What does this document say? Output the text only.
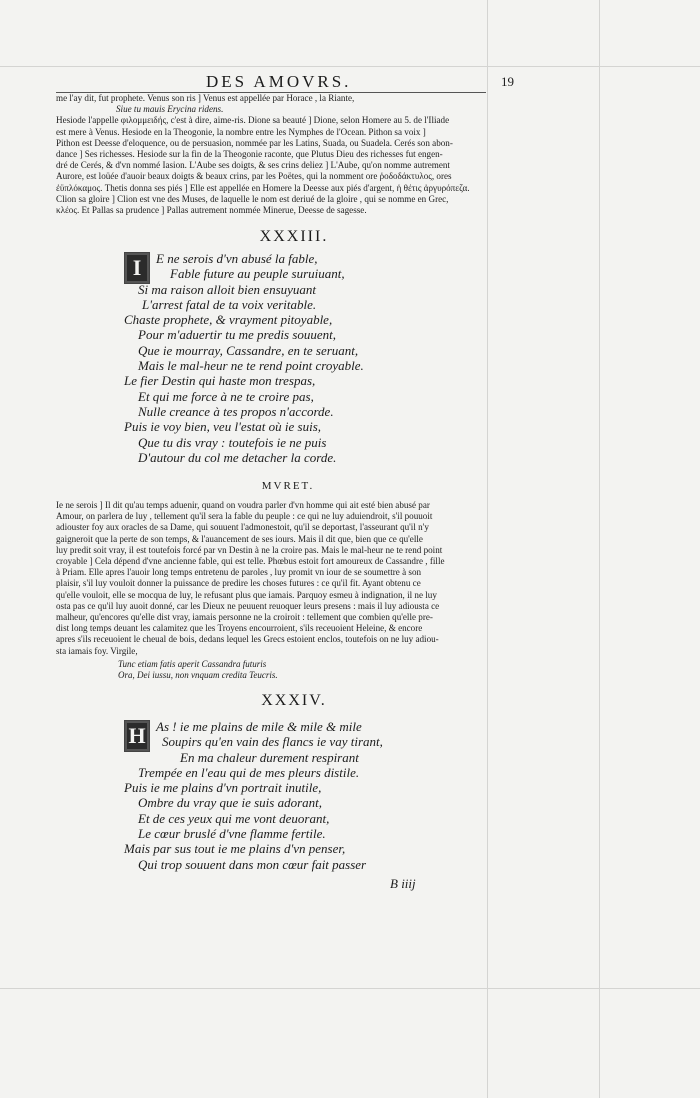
DES AMOVRS.	19

me l'ay dit, fut prophete. Venus son ris ] Venus est appellée par Horace , la Riante,

Siue tu mauis Erycina ridens.

Hesiode l'appelle φιλομμειδής, c'est à dire, aime-ris. Dione sa beauté ] Dione, selon Homere au 5. de l'Iliade

est mere à Venus. Hesiode en la Theogonie, la nombre entre les Nymphes de l'Ocean. Pithon sa voix ]

Pithon est Deesse d'eloquence, ou de persuasion, nommée par les Latins, Suada, ou Suadela. Cerés son abon-

dance ] Ses richesses. Hesiode sur la fin de la Theogonie raconte, que Plutus Dieu des richesses fut engen-

dré de Cerés, & d'vn nommé Iasion. L'Aube ses doigts, & ses crins deliez ] L'Aube, qu'on nomme autrement

Aurore, est loüée d'auoir beaux doigts & beaux crins, par les Poëtes, qui la nomment ore ῥοδοδάκτυλος, ores

ἐϋπλόκαμος. Thetis donna ses piés ] Elle est appellée en Homere la Deesse aux piés d'argent, ἡ θέτις ἀργυρόπεζα.

Clion sa gloire ] Clion est vne des Muses, de laquelle le nom est deriué de la gloire , qui se nomme en Grec,

κλέος. Et Pallas sa prudence ] Pallas autrement nommée Minerue, Deesse de sagesse.

XXXIII.
I	E ne serois d'vn abusé la fable,
Fable future au peuple suruiuant,
Si ma raison alloit bien ensuyuant
L'arrest fatal de ta voix veritable.
Chaste prophete, & vrayment pitoyable,
Pour m'aduertir tu me predis souuent,
Que ie mourray, Cassandre, en te seruant,
Mais le mal-heur ne te rend point croyable.
Le fier Destin qui haste mon trespas,
Et qui me force à ne te croire pas,
Nulle creance à tes propos n'accorde.
Puis ie voy bien, veu l'estat où ie suis,
Que tu dis vray : toutefois ie ne puis
D'autour du col me detacher la corde.
MVRET.

Ie ne serois ] Il dit qu'au temps aduenir, quand on voudra parler d'vn homme qui ait esté bien abusé par

Amour, on parlera de luy , tellement qu'il sera la fable du peuple : ce qui ne luy aduiendroit, s'il pouuoit

adiouster foy aux oracles de sa Dame, qui souuent l'admonestoit, qu'il se deportast, l'asseurant qu'il n'y

gaigneroit que la perte de son temps, & l'auancement de ses iours. Mais il dit que, bien que ce qu'elle

luy predit soit vray, il est toutefois forcé par vn Destin à ne la croire pas. Mais le mal-heur ne te rend point

croyable ] Cela dépend d'vne ancienne fable, qui est telle. Phœbus estoit fort amoureux de Cassandre , fille

à Priam. Elle apres l'auoir long temps entretenu de paroles , luy promit vn iour de se soumettre à son

plaisir, s'il luy vouloit donner la puissance de predire les choses futures : ce qu'il fit. Ayant obtenu ce

qu'elle vouloit, elle se mocqua de luy, le refusant plus que iamais. Parquoy esmeu à indignation, il ne luy

osta pas ce qu'il luy auoit donné, car les Dieux ne peuuent reuoquer leurs presens : mais il luy adiousta ce

malheur, qu'encores qu'elle dist vray, iamais personne ne la croiroit : tellement que combien qu'elle pre-

dist long temps deuant les calamitez que les Troyens encourroient, s'ils receuoient Heleine, & encore

apres s'ils receuoient le cheual de bois, dedans lequel les Grecs estoient enclos, toutefois on ne luy adiou-

sta iamais foy. Virgile,

Tunc etiam fatis aperit Cassandra futuris
Ora, Dei iussu, non vnquam credita Teucris.
XXXIV.
H As ! ie me plains de mile & mile & mile
Soupirs qu'en vain des flancs ie vay tirant,
En ma chaleur durement respirant
Trempée en l'eau qui de mes pleurs distile.
Puis ie me plains d'vn portrait inutile,
Ombre du vray que ie suis adorant,
Et de ces yeux qui me vont deuorant,
Le cœur bruslé d'vne flamme fertile.
Mais par sus tout ie me plains d'vn penser,
Qui trop souuent dans mon cœur fait passer
B iiij
